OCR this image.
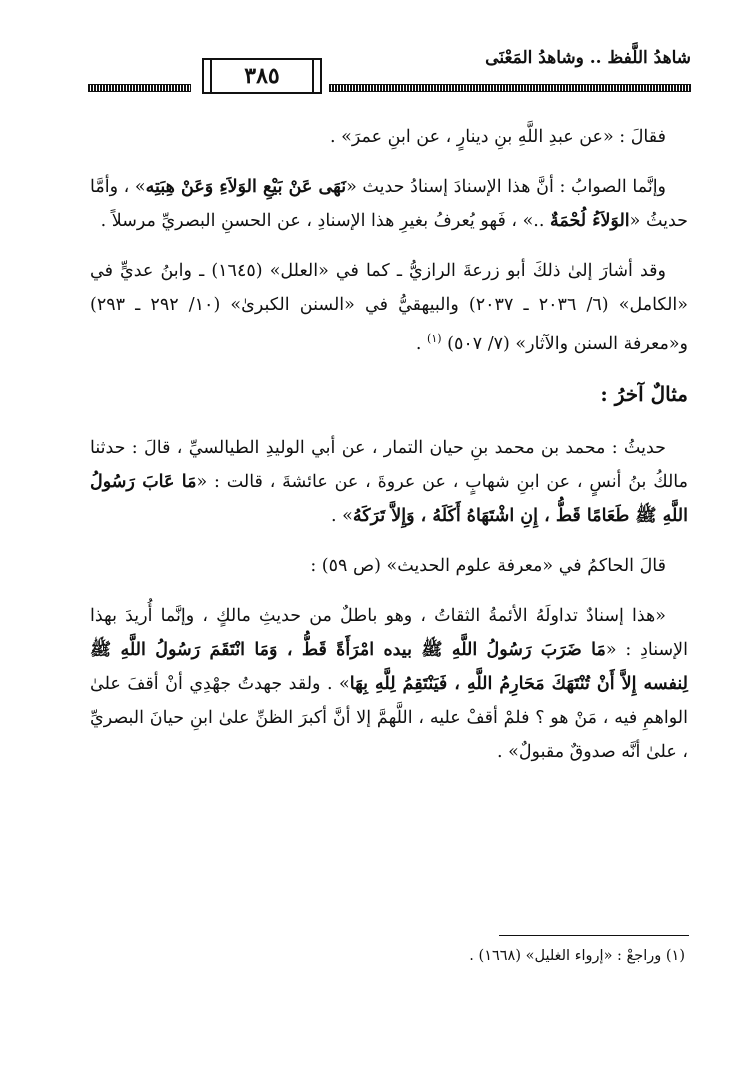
شاهدُ اللَّفظ .. وشاهدُ المَعْنَى
٣٨٥

فقالَ : «عن عبدِ اللَّهِ بنِ دينارٍ ، عن ابنِ عمرَ» .

وإنَّما الصوابُ : أنَّ هذا الإسنادَ إسنادُ حديث «نَهَى عَنْ بَيْعِ الوَلاَءِ وَعَنْ هِبَتِه» ، وأمَّا حديثُ «الوَلاَءُ لُحْمَةٌ ..» ، فَهو يُعرفُ بغيرِ هذا الإسنادِ ، عن الحسنِ البصريِّ مرسلاً .

وقد أشارَ إلىٰ ذلكَ أبو زرعةَ الرازيُّ ـ كما في «العلل» (١٦٤٥) ـ وابنُ عديٍّ في «الكامل» (٦/ ٢٠٣٦ ـ ٢٠٣٧) والبيهقيُّ في «السنن الكبرىٰ» (١٠/ ٢٩٢ ـ ٢٩٣) و«معرفة السنن والآثار» (٧/ ٥٠٧) $^{(١)}$ .

مثالٌ آخرُ :

حديثُ : محمد بن محمد بنِ حيان التمار ، عن أبي الوليدِ الطيالسيِّ ، قالَ : حدثنا مالكُ بنُ أنسٍ ، عن ابنِ شهابٍ ، عن عروةَ ، عن عائشةَ ، قالت : «مَا عَابَ رَسُولُ اللَّهِ ﷺ طَعَامًا قَطُّ ، إِنِ اشْتَهَاهُ أَكَلَهُ ، وَإِلاَّ تَرَكَهُ» .

قالَ الحاكمُ في «معرفة علوم الحديث» (ص ٥٩) :

«هذا إسنادٌ تداولَهُ الأئمةُ الثقاتُ ، وهو باطلٌ من حديثِ مالكٍ ، وإنَّما أُريدَ بهذا الإسنادِ : «مَا ضَرَبَ رَسُولُ اللَّهِ ﷺ بيده امْرَأَةً قَطُّ ، وَمَا انْتَقَمَ رَسُولُ اللَّهِ ﷺ لِنفسه إِلاَّ أَنْ تُنْتَهَكَ مَحَارِمُ اللَّهِ ، فَيَنْتَقِمُ لِلَّهِ بِهَا» . ولقد جهدتُ جهْدِي أنْ أقفَ علىٰ الواهمِ فيه ، مَنْ هو ؟ فلمْ أقفْ عليه ، اللَّهمَّ إلا أنَّ أكبرَ الظنِّ علىٰ ابنِ حيانَ البصريِّ ، علىٰ أنَّه صدوقٌ مقبولٌ» .

(١) وراجعْ : «إرواء الغليل» (١٦٦٨) .
